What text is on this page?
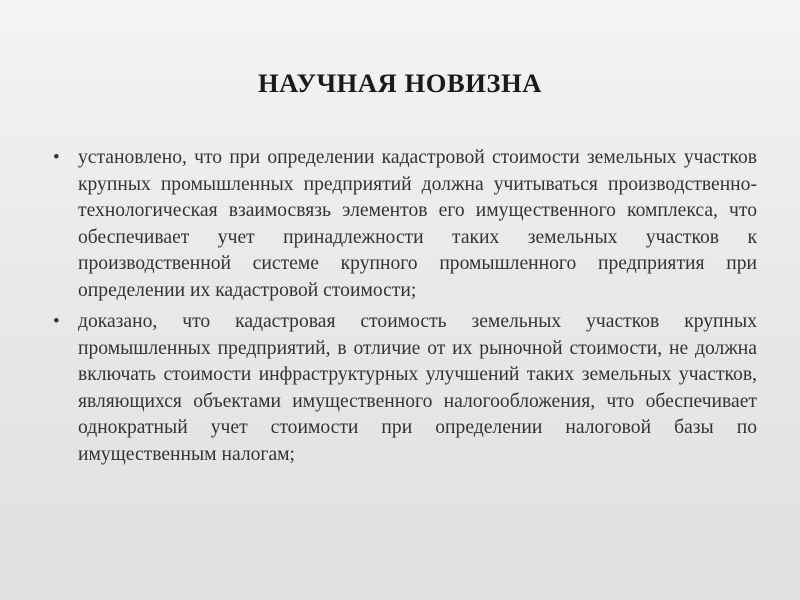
НАУЧНАЯ НОВИЗНА
• установлено, что при определении кадастровой стоимости земельных участков крупных промышленных предприятий должна учитываться производственно-технологическая взаимосвязь элементов его имущественного комплекса, что обеспечивает учет принадлежности таких земельных участков к производственной системе крупного промышленного предприятия при определении их кадастровой стоимости;
• доказано, что кадастровая стоимость земельных участков крупных промышленных предприятий, в отличие от их рыночной стоимости, не должна включать стоимости инфраструктурных улучшений таких земельных участков, являющихся объектами имущественного налогообложения, что обеспечивает однократный учет стоимости при определении налоговой базы по имущественным налогам;
